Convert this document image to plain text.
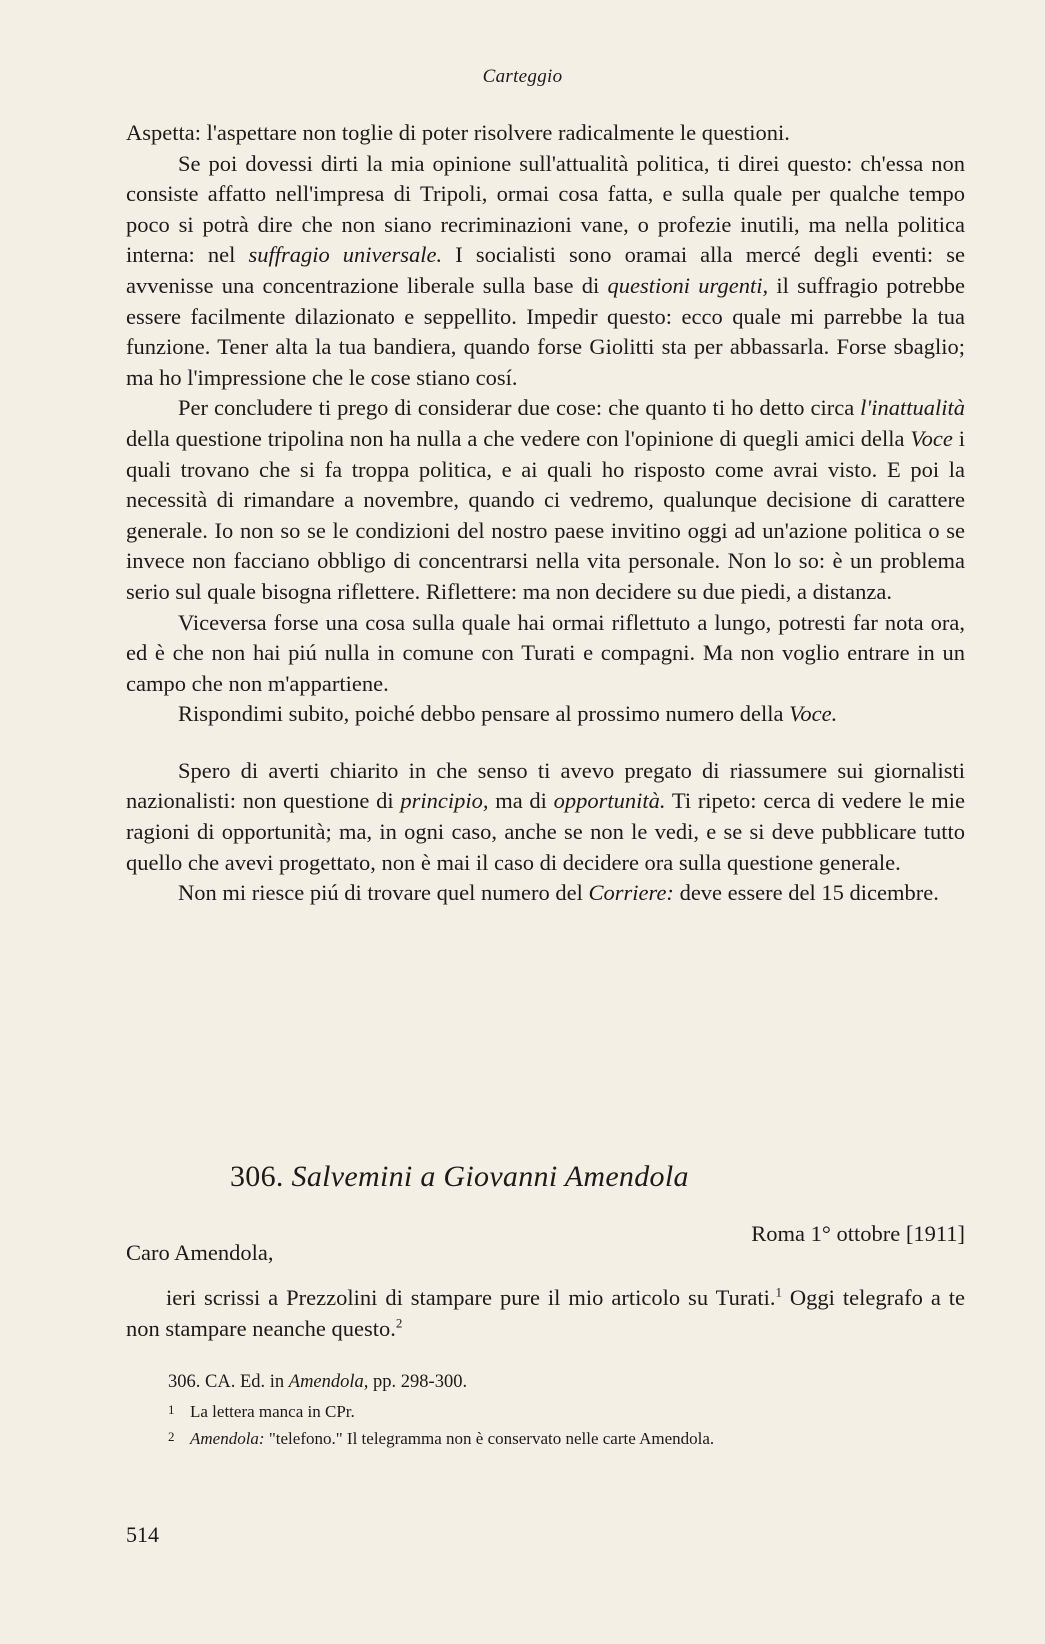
Carteggio

Aspetta: l'aspettare non toglie di poter risolvere radicalmente le questioni.

Se poi dovessi dirti la mia opinione sull'attualità politica, ti direi questo: ch'essa non consiste affatto nell'impresa di Tripoli, ormai cosa fatta, e sulla quale per qualche tempo poco si potrà dire che non siano recriminazioni vane, o profezie inutili, ma nella politica interna: nel suffragio universale. I socialisti sono oramai alla mercé degli eventi: se avvenisse una concentrazione liberale sulla base di questioni urgenti, il suffragio potrebbe essere facilmente dilazionato e seppellito. Impedir questo: ecco quale mi parrebbe la tua funzione. Tener alta la tua bandiera, quando forse Giolitti sta per abbassarla. Forse sbaglio; ma ho l'impressione che le cose stiano cosí.

Per concludere ti prego di considerar due cose: che quanto ti ho detto circa l'inattualità della questione tripolina non ha nulla a che vedere con l'opinione di quegli amici della Voce i quali trovano che si fa troppa politica, e ai quali ho risposto come avrai visto. E poi la necessità di rimandare a novembre, quando ci vedremo, qualunque decisione di carattere generale. Io non so se le condizioni del nostro paese invitino oggi ad un'azione politica o se invece non facciano obbligo di concentrarsi nella vita personale. Non lo so: è un problema serio sul quale bisogna riflettere. Riflettere: ma non decidere su due piedi, a distanza.

Viceversa forse una cosa sulla quale hai ormai riflettuto a lungo, potresti far nota ora, ed è che non hai piú nulla in comune con Turati e compagni. Ma non voglio entrare in un campo che non m'appartiene.

Rispondimi subito, poiché debbo pensare al prossimo numero della Voce.

Spero di averti chiarito in che senso ti avevo pregato di riassumere sui giornalisti nazionalisti: non questione di principio, ma di opportunità. Ti ripeto: cerca di vedere le mie ragioni di opportunità; ma, in ogni caso, anche se non le vedi, e se si deve pubblicare tutto quello che avevi progettato, non è mai il caso di decidere ora sulla questione generale.

Non mi riesce piú di trovare quel numero del Corriere: deve essere del 15 dicembre.

306. Salvemini a Giovanni Amendola
Roma 1° ottobre [1911]
Caro Amendola,

ieri scrissi a Prezzolini di stampare pure il mio articolo su Turati.$^1$ Oggi telegrafo a te non stampare neanche questo.$^2$

306. CA. Ed. in Amendola, pp. 298-300.
1 La lettera manca in CPr.
2 Amendola: "telefono." Il telegramma non è conservato nelle carte Amendola.
514
